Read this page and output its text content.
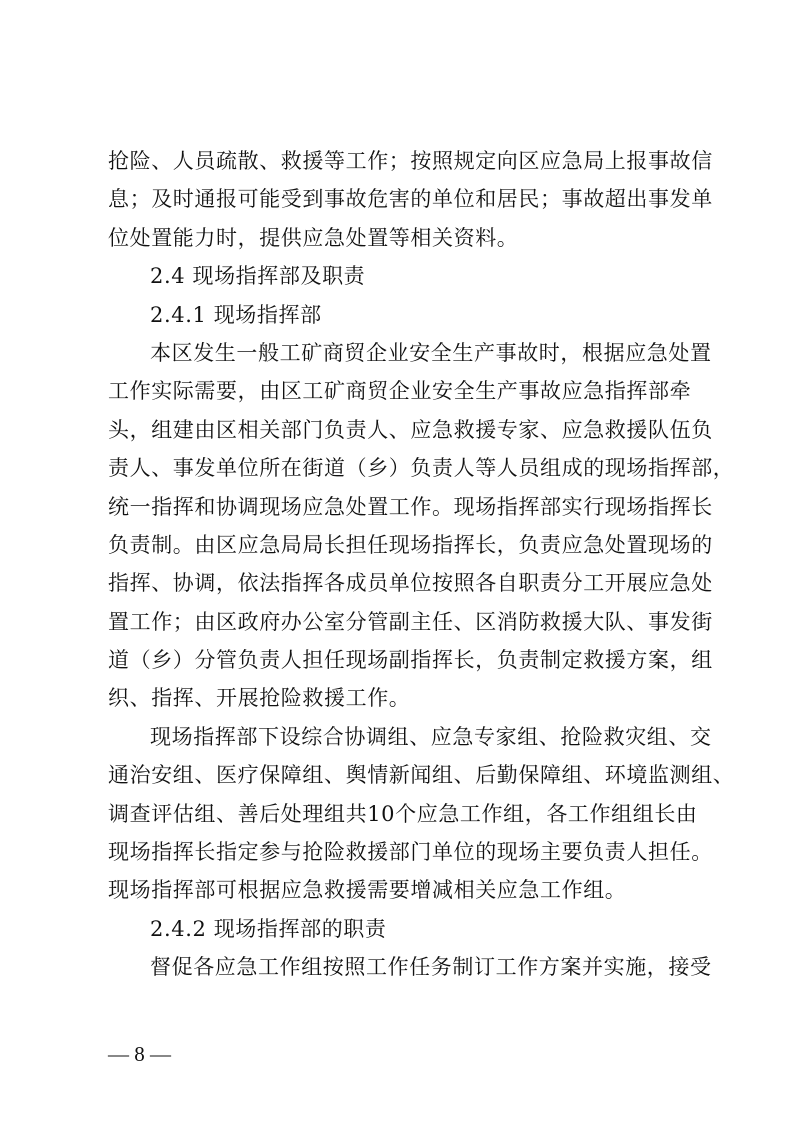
抢险、人员疏散、救援等工作；按照规定向区应急局上报事故信
息；及时通报可能受到事故危害的单位和居民；事故超出事发单
位处置能力时，提供应急处置等相关资料。
2.4 现场指挥部及职责
2.4.1 现场指挥部
本区发生一般工矿商贸企业安全生产事故时，根据应急处置
工作实际需要，由区工矿商贸企业安全生产事故应急指挥部牵
头，组建由区相关部门负责人、应急救援专家、应急救援队伍负
责人、事发单位所在街道（乡）负责人等人员组成的现场指挥部，
统一指挥和协调现场应急处置工作。现场指挥部实行现场指挥长
负责制。由区应急局局长担任现场指挥长，负责应急处置现场的
指挥、协调，依法指挥各成员单位按照各自职责分工开展应急处
置工作；由区政府办公室分管副主任、区消防救援大队、事发街
道（乡）分管负责人担任现场副指挥长，负责制定救援方案，组
织、指挥、开展抢险救援工作。
现场指挥部下设综合协调组、应急专家组、抢险救灾组、交
通治安组、医疗保障组、舆情新闻组、后勤保障组、环境监测组、
调查评估组、善后处理组共10个应急工作组，各工作组组长由
现场指挥长指定参与抢险救援部门单位的现场主要负责人担任。
现场指挥部可根据应急救援需要增减相关应急工作组。
2.4.2 现场指挥部的职责
督促各应急工作组按照工作任务制订工作方案并实施，接受
— 8 —
